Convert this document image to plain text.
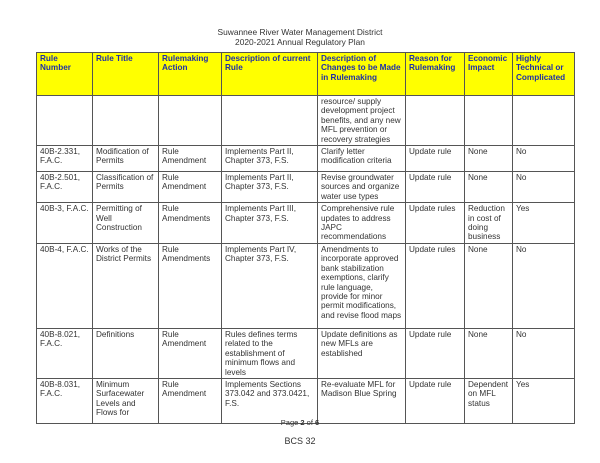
Suwannee River Water Management District
2020-2021 Annual Regulatory Plan
Rule Number	Rule Title	Rulemaking Action	Description of current Rule	Description of Changes to be Made in Rulemaking	Reason for Rulemaking	Economic Impact	Highly Technical or Complicated
				resource/ supply development project benefits, and any new MFL prevention or recovery strategies			
40B-2.331, F.A.C.	Modification of Permits	Rule Amendment	Implements Part II, Chapter 373, F.S.	Clarify letter modification criteria	Update rule	None	No
40B-2.501, F.A.C.	Classification of Permits	Rule Amendment	Implements Part II, Chapter 373, F.S.	Revise groundwater sources and organize water use types	Update rule	None	No
40B-3, F.A.C.	Permitting of Well Construction	Rule Amendments	Implements Part III, Chapter 373, F.S.	Comprehensive rule updates to address JAPC recommendations	Update rules	Reduction in cost of doing business	Yes
40B-4, F.A.C.	Works of the District Permits	Rule Amendments	Implements Part IV, Chapter 373, F.S.	Amendments to incorporate approved bank stabilization exemptions, clarify rule language, provide for minor permit modifications, and revise flood maps	Update rules	None	No
40B-8.021, F.A.C.	Definitions	Rule Amendment	Rules defines terms related to the establishment of minimum flows and levels	Update definitions as new MFLs are established	Update rule	None	No
40B-8.031, F.A.C.	Minimum Surfacewater Levels and Flows for	Rule Amendment	Implements Sections 373.042 and 373.0421, F.S.	Re-evaluate MFL for Madison Blue Spring	Update rule	Dependent on MFL status	Yes
Page 2 of 6
BCS 32
